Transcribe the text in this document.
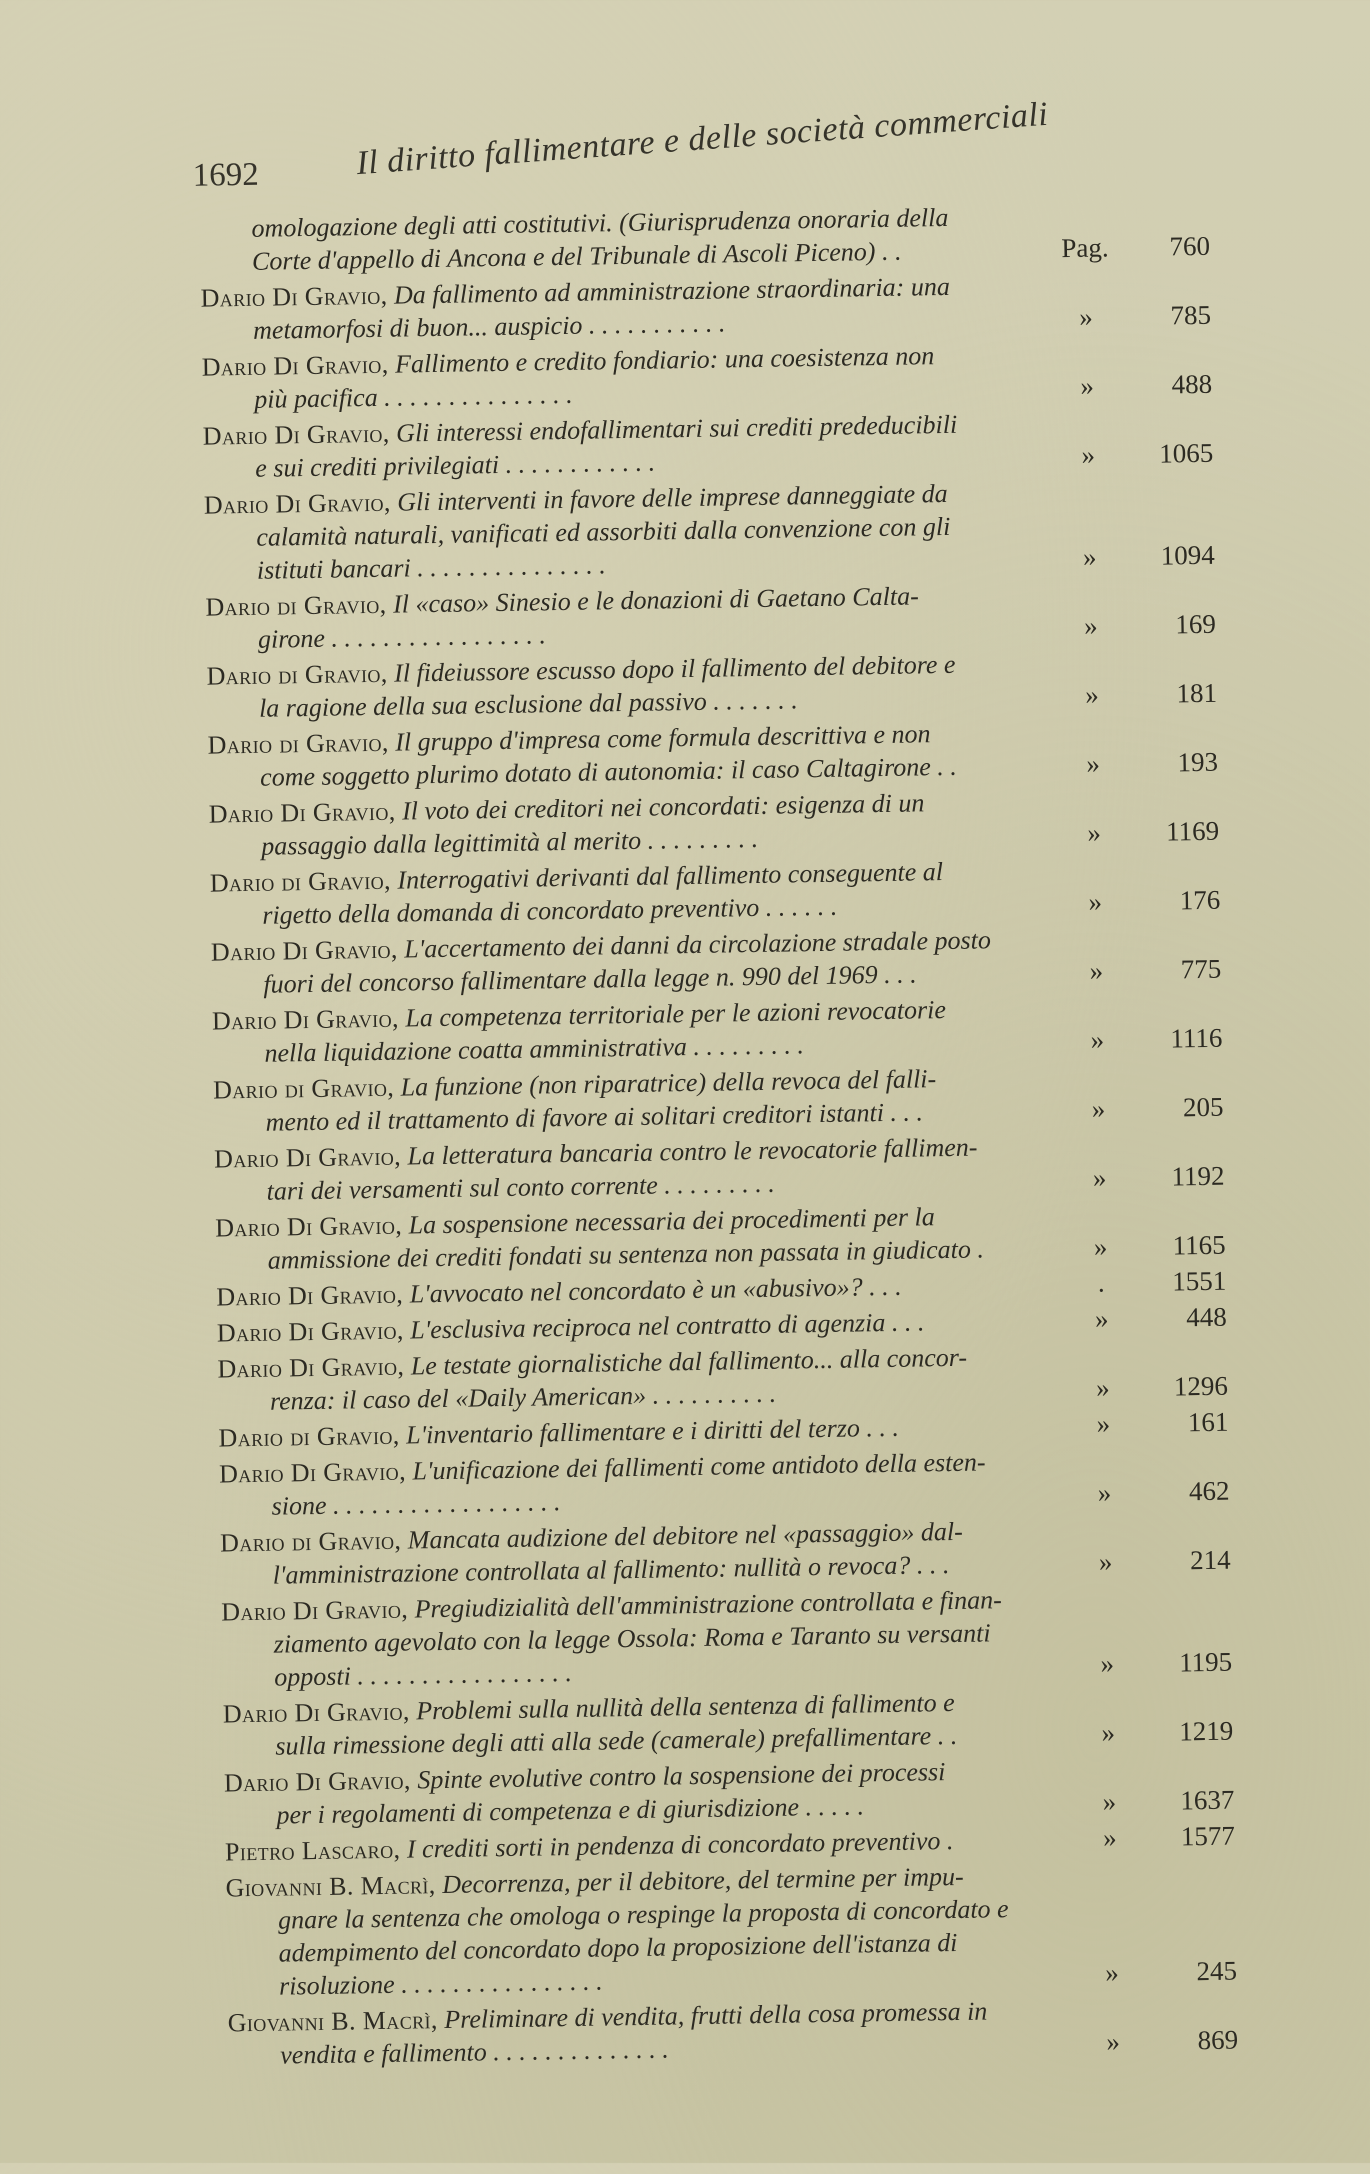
1692	Il diritto fallimentare e delle società commerciali
omologazione degli atti costitutivi. (Giurisprudenza onoraria della
Corte d'appello di Ancona e del Tribunale di Ascoli Piceno) . .	Pag.	760
Dario Di Gravio, Da fallimento ad amministrazione straordinaria: una
metamorfosi di buon... auspicio . . . . . . . . . . .	»	785
Dario Di Gravio, Fallimento e credito fondiario: una coesistenza non
più pacifica . . . . . . . . . . . . . . .	»	488
Dario Di Gravio, Gli interessi endofallimentari sui crediti prededucibili
e sui crediti privilegiati . . . . . . . . . . . .	»	1065
Dario Di Gravio, Gli interventi in favore delle imprese danneggiate da
calamità naturali, vanificati ed assorbiti dalla convenzione con gli
istituti bancari . . . . . . . . . . . . . . .	»	1094
Dario di Gravio, Il «caso» Sinesio e le donazioni di Gaetano Calta-
girone . . . . . . . . . . . . . . . . .	»	169
Dario di Gravio, Il fideiussore escusso dopo il fallimento del debitore e
la ragione della sua esclusione dal passivo . . . . . . .	»	181
Dario di Gravio, Il gruppo d'impresa come formula descrittiva e non
come soggetto plurimo dotato di autonomia: il caso Caltagirone . .	»	193
Dario Di Gravio, Il voto dei creditori nei concordati: esigenza di un
passaggio dalla legittimità al merito . . . . . . . . .	»	1169
Dario di Gravio, Interrogativi derivanti dal fallimento conseguente al
rigetto della domanda di concordato preventivo . . . . . .	»	176
Dario Di Gravio, L'accertamento dei danni da circolazione stradale posto
fuori del concorso fallimentare dalla legge n. 990 del 1969 . . .	»	775
Dario Di Gravio, La competenza territoriale per le azioni revocatorie
nella liquidazione coatta amministrativa . . . . . . . . .	»	1116
Dario di Gravio, La funzione (non riparatrice) della revoca del falli-
mento ed il trattamento di favore ai solitari creditori istanti . . .	»	205
Dario Di Gravio, La letteratura bancaria contro le revocatorie fallimen-
tari dei versamenti sul conto corrente . . . . . . . . .	»	1192
Dario Di Gravio, La sospensione necessaria dei procedimenti per la
ammissione dei crediti fondati su sentenza non passata in giudicato .	»	1165
Dario Di Gravio, L'avvocato nel concordato è un «abusivo»? . . .	.	1551
Dario Di Gravio, L'esclusiva reciproca nel contratto di agenzia . . .	»	448
Dario Di Gravio, Le testate giornalistiche dal fallimento... alla concor-
renza: il caso del «Daily American» . . . . . . . . . .	»	1296
Dario di Gravio, L'inventario fallimentare e i diritti del terzo . . .	»	161
Dario Di Gravio, L'unificazione dei fallimenti come antidoto della esten-
sione . . . . . . . . . . . . . . . . . .	»	462
Dario di Gravio, Mancata audizione del debitore nel «passaggio» dal-
l'amministrazione controllata al fallimento: nullità o revoca? . . .	»	214
Dario Di Gravio, Pregiudizialità dell'amministrazione controllata e finan-
ziamento agevolato con la legge Ossola: Roma e Taranto su versanti
opposti . . . . . . . . . . . . . . . . .	»	1195
Dario Di Gravio, Problemi sulla nullità della sentenza di fallimento e
sulla rimessione degli atti alla sede (camerale) prefallimentare . .	»	1219
Dario Di Gravio, Spinte evolutive contro la sospensione dei processi
per i regolamenti di competenza e di giurisdizione . . . . .	»	1637
Pietro Lascaro, I crediti sorti in pendenza di concordato preventivo .	»	1577
Giovanni B. Macrì, Decorrenza, per il debitore, del termine per impu-
gnare la sentenza che omologa o respinge la proposta di concordato e
adempimento del concordato dopo la proposizione dell'istanza di
risoluzione . . . . . . . . . . . . . . . .	»	245
Giovanni B. Macrì, Preliminare di vendita, frutti della cosa promessa in
vendita e fallimento . . . . . . . . . . . . . .	»	869
